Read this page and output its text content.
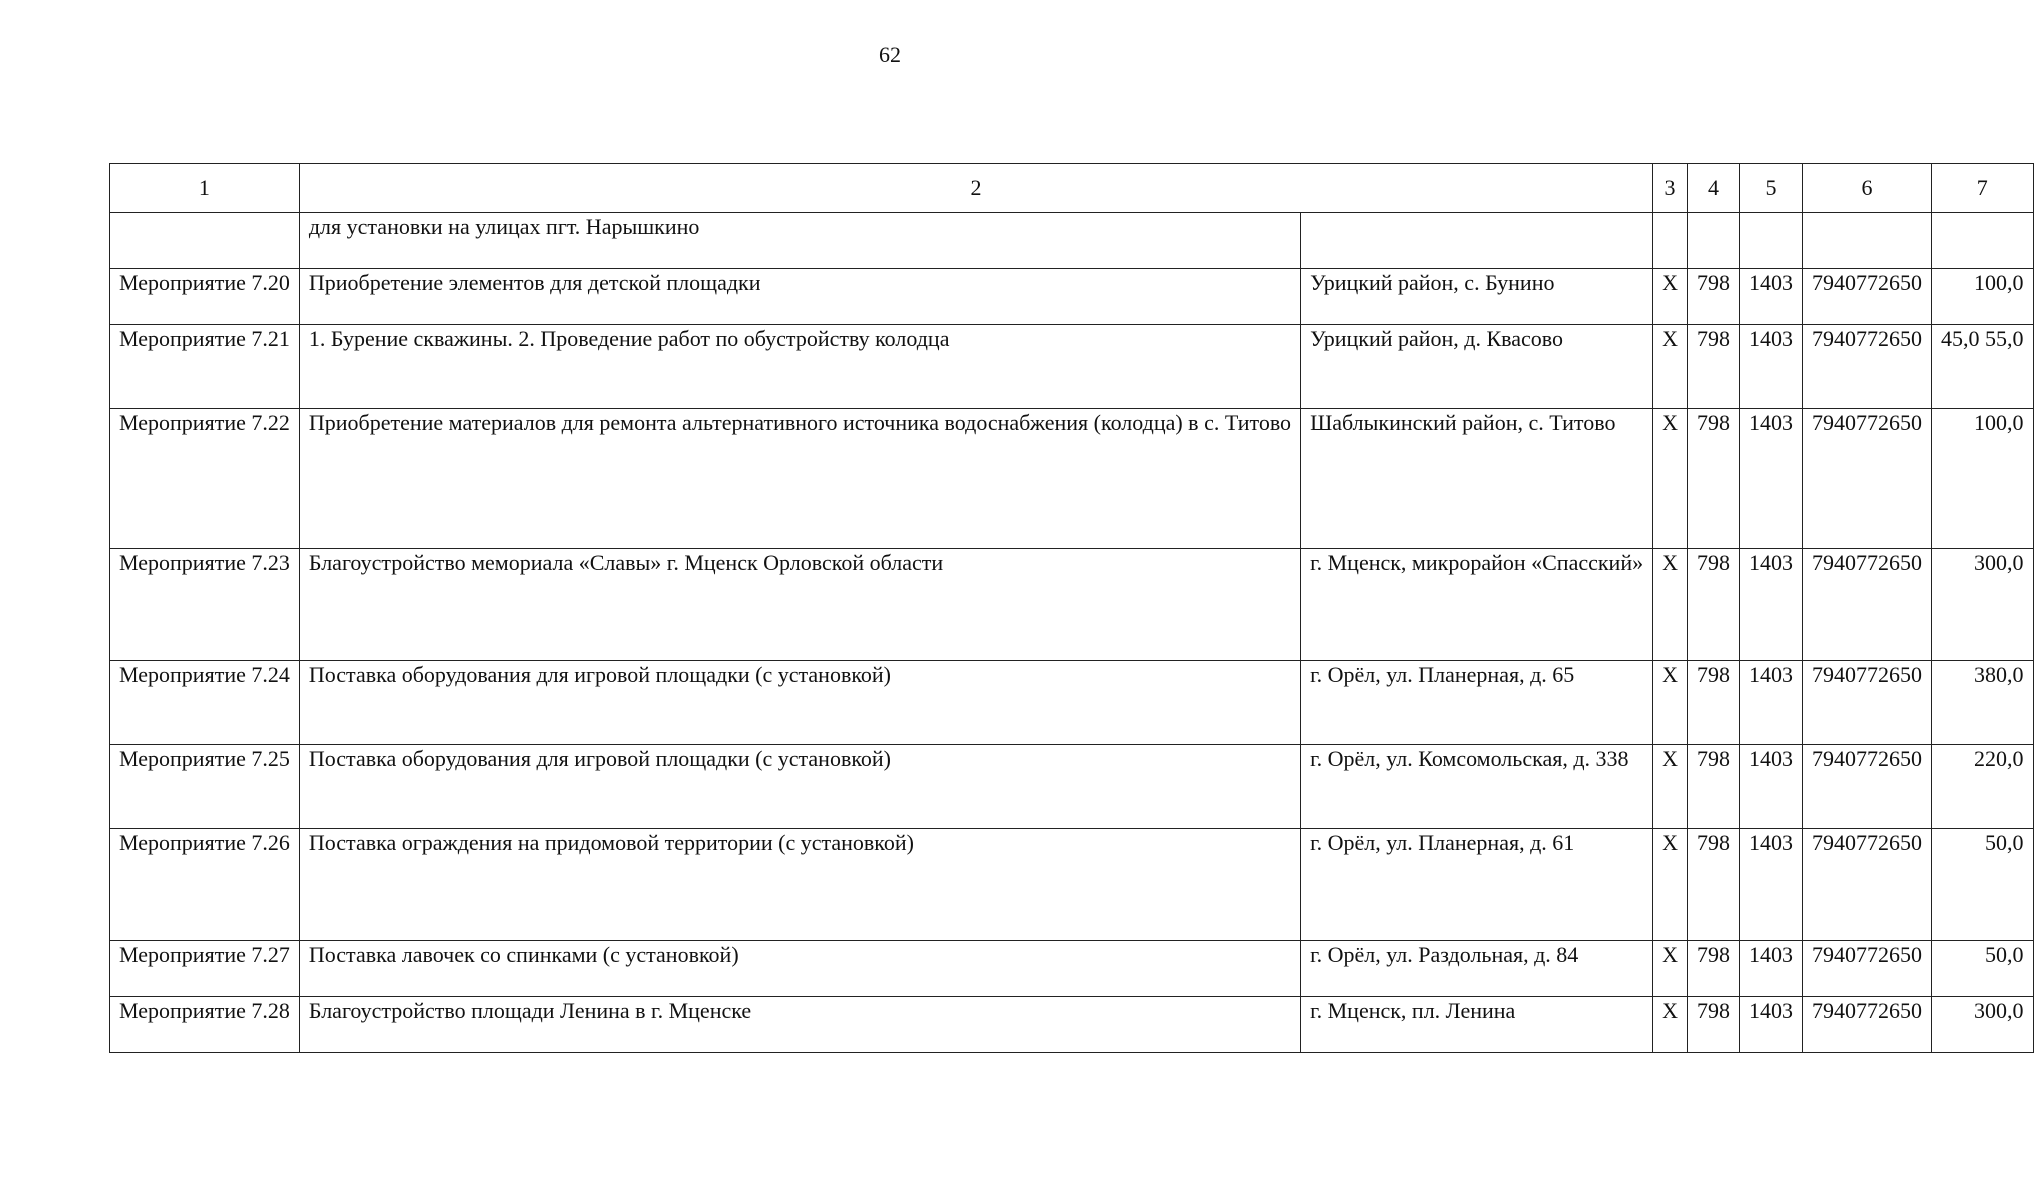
62
1	2		3	4	5	6	7
	для установки на улицах пгт. Нарышкино						
Мероприятие 7.20	Приобретение элементов для детской площадки	Урицкий район, с. Бунино	X	798	1403	7940772650	100,0
Мероприятие 7.21	1. Бурение скважины. 2. Проведение работ по обустройству колодца	Урицкий район, д. Квасово	X	798	1403	7940772650	45,0 55,0
Мероприятие 7.22	Приобретение материалов для ремонта альтернативного источника водоснабжения (колодца) в с. Титово	Шаблыкинский район, с. Титово	X	798	1403	7940772650	100,0
Мероприятие 7.23	Благоустройство мемориала «Славы» г. Мценск Орловской области	г. Мценск, микрорайон «Спасский»	X	798	1403	7940772650	300,0
Мероприятие 7.24	Поставка оборудования для игровой площадки (с установкой)	г. Орёл, ул. Планерная, д. 65	X	798	1403	7940772650	380,0
Мероприятие 7.25	Поставка оборудования для игровой площадки (с установкой)	г. Орёл, ул. Комсомольская, д. 338	X	798	1403	7940772650	220,0
Мероприятие 7.26	Поставка ограждения на придомовой территории (с установкой)	г. Орёл, ул. Планерная, д. 61	X	798	1403	7940772650	50,0
Мероприятие 7.27	Поставка лавочек со спинками (с установкой)	г. Орёл, ул. Раздольная, д. 84	X	798	1403	7940772650	50,0
Мероприятие 7.28	Благоустройство площади Ленина в г. Мценске	г. Мценск, пл. Ленина	X	798	1403	7940772650	300,0
